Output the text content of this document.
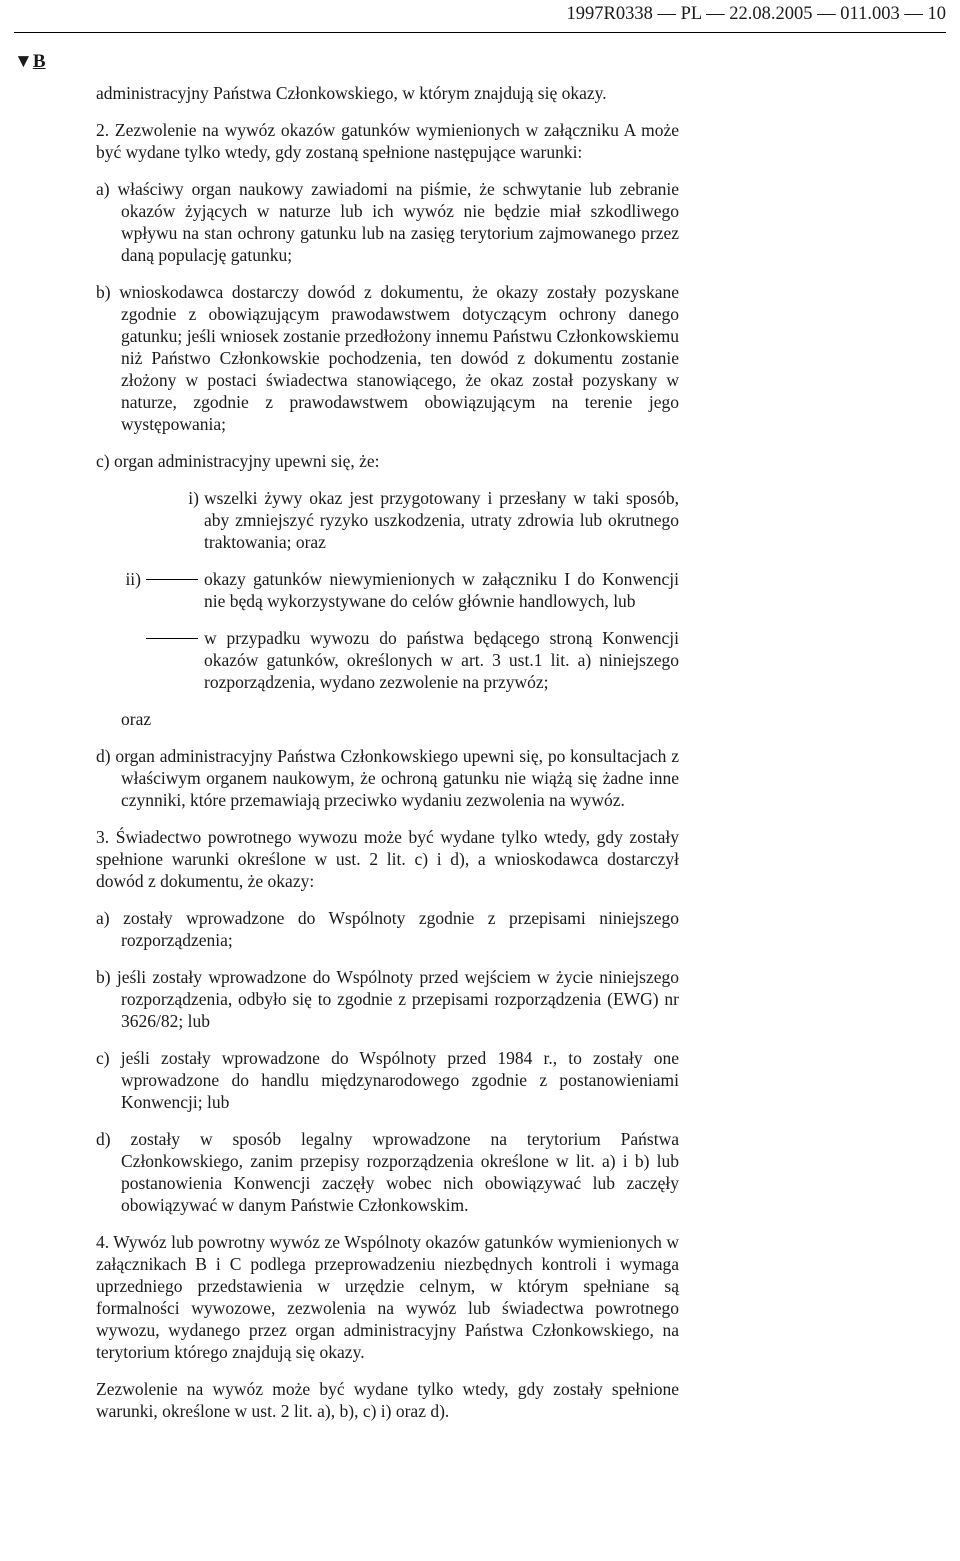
1997R0338 — PL — 22.08.2005 — 011.003 — 10
▼B

administracyjny Państwa Członkowskiego, w którym znajdują się okazy.

2. Zezwolenie na wywóz okazów gatunków wymienionych w załączniku A może być wydane tylko wtedy, gdy zostaną spełnione następujące warunki:

a) właściwy organ naukowy zawiadomi na piśmie, że schwytanie lub zebranie okazów żyjących w naturze lub ich wywóz nie będzie miał szkodliwego wpływu na stan ochrony gatunku lub na zasięg terytorium zajmowanego przez daną populację gatunku;

b) wnioskodawca dostarczy dowód z dokumentu, że okazy zostały pozyskane zgodnie z obowiązującym prawodawstwem dotyczącym ochrony danego gatunku; jeśli wniosek zostanie przedłożony innemu Państwu Członkowskiemu niż Państwo Członkowskie pochodzenia, ten dowód z dokumentu zostanie złożony w postaci świadectwa stanowiącego, że okaz został pozyskany w naturze, zgodnie z prawodawstwem obowiązującym na terenie jego występowania;

c) organ administracyjny upewni się, że:

i) wszelki żywy okaz jest przygotowany i przesłany w taki sposób, aby zmniejszyć ryzyko uszkodzenia, utraty zdrowia lub okrutnego traktowania; oraz
ii)	okazy gatunków niewymienionych w załączniku I do Konwencji nie będą wykorzystywane do celów głównie handlowych, lub
w przypadku wywozu do państwa będącego stroną Konwencji okazów gatunków, określonych w art. 3 ust.1 lit. a) niniejszego rozporządzenia, wydano zezwolenie na przywóz;

oraz

d) organ administracyjny Państwa Członkowskiego upewni się, po konsultacjach z właściwym organem naukowym, że ochroną gatunku nie wiążą się żadne inne czynniki, które przemawiają przeciwko wydaniu zezwolenia na wywóz.

3. Świadectwo powrotnego wywozu może być wydane tylko wtedy, gdy zostały spełnione warunki określone w ust. 2 lit. c) i d), a wnioskodawca dostarczył dowód z dokumentu, że okazy:

a) zostały wprowadzone do Wspólnoty zgodnie z przepisami niniejszego rozporządzenia;

b) jeśli zostały wprowadzone do Wspólnoty przed wejściem w życie niniejszego rozporządzenia, odbyło się to zgodnie z przepisami rozporządzenia (EWG) nr 3626/82; lub

c) jeśli zostały wprowadzone do Wspólnoty przed 1984 r., to zostały one wprowadzone do handlu międzynarodowego zgodnie z postanowieniami Konwencji; lub

d) zostały w sposób legalny wprowadzone na terytorium Państwa Członkowskiego, zanim przepisy rozporządzenia określone w lit. a) i b) lub postanowienia Konwencji zaczęły wobec nich obowiązywać lub zaczęły obowiązywać w danym Państwie Członkowskim.

4. Wywóz lub powrotny wywóz ze Wspólnoty okazów gatunków wymienionych w załącznikach B i C podlega przeprowadzeniu niezbędnych kontroli i wymaga uprzedniego przedstawienia w urzędzie celnym, w którym spełniane są formalności wywozowe, zezwolenia na wywóz lub świadectwa powrotnego wywozu, wydanego przez organ administracyjny Państwa Członkowskiego, na terytorium którego znajdują się okazy.

Zezwolenie na wywóz może być wydane tylko wtedy, gdy zostały spełnione warunki, określone w ust. 2 lit. a), b), c) i) oraz d).
